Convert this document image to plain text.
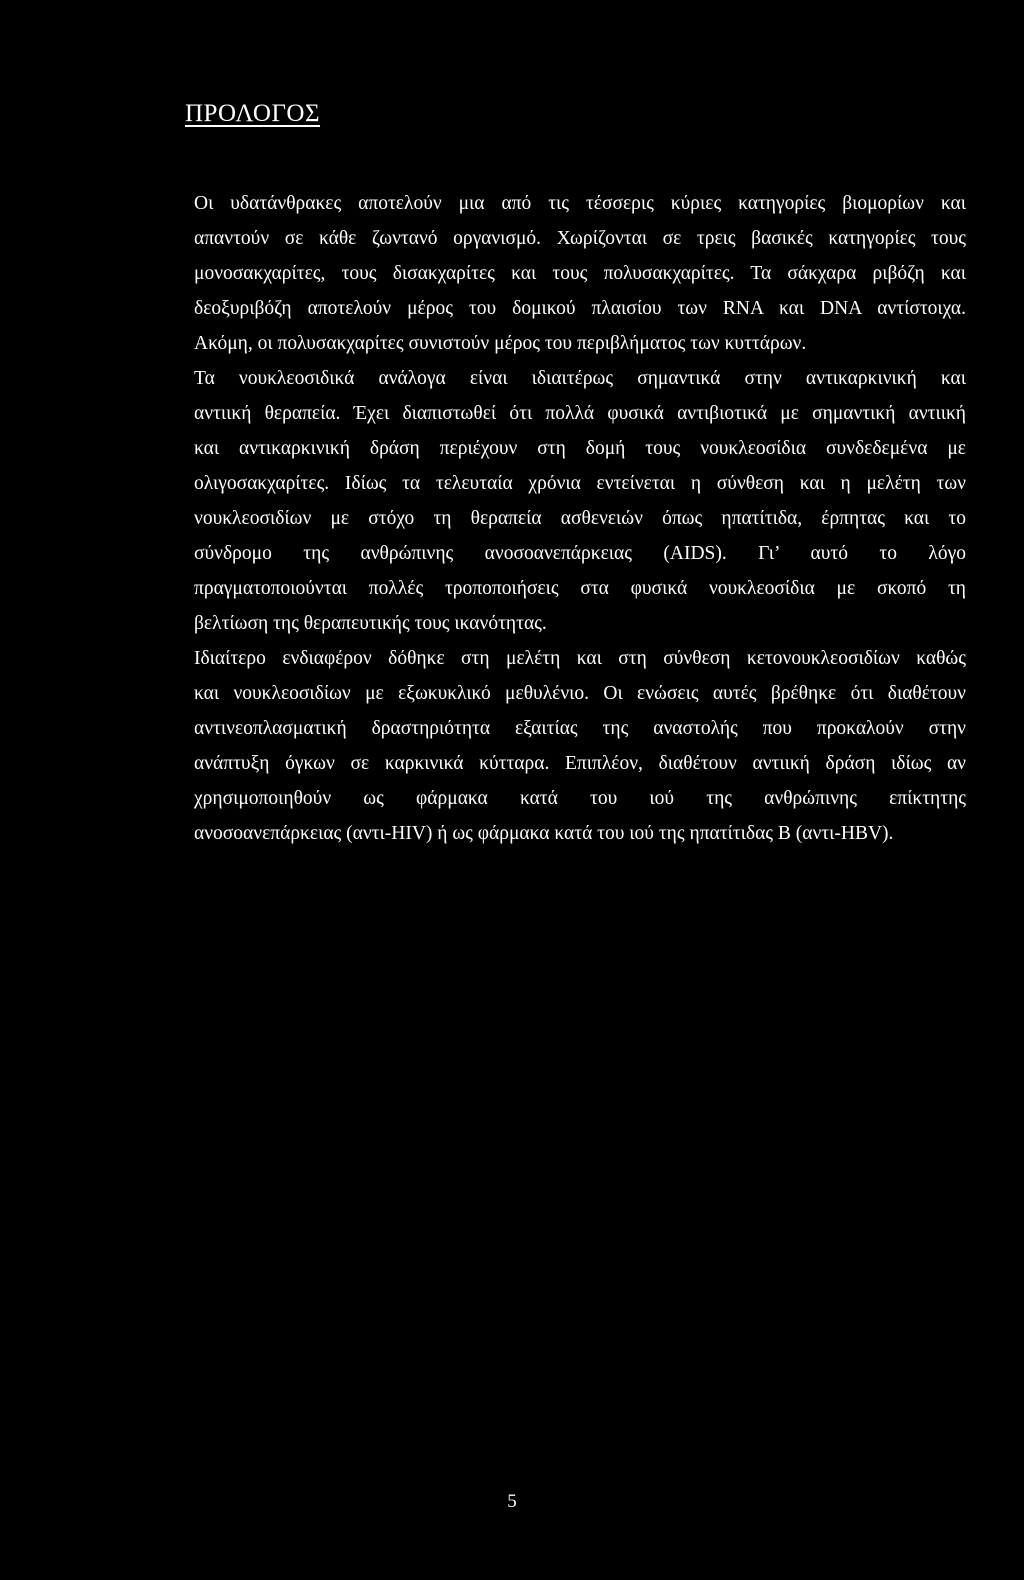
ΠΡΟΛΟΓΟΣ

Οι υδατάνθρακες αποτελούν μια από τις τέσσερις κύριες κατηγορίες βιομορίων και
απαντούν σε κάθε ζωντανό οργανισμό. Χωρίζονται σε τρεις βασικές κατηγορίες τους
μονοσακχαρίτες, τους δισακχαρίτες και τους πολυσακχαρίτες. Τα σάκχαρα ριβόζη και
δεοξυριβόζη αποτελούν μέρος του δομικού πλαισίου των RNA και DNA αντίστοιχα.
Ακόμη, οι πολυσακχαρίτες συνιστούν μέρος του περιβλήματος των κυττάρων.

Τα νουκλεοσιδικά ανάλογα είναι ιδιαιτέρως σημαντικά στην αντικαρκινική και
αντιική θεραπεία. Έχει διαπιστωθεί ότι πολλά φυσικά αντιβιοτικά με σημαντική αντιική
και αντικαρκινική δράση περιέχουν στη δομή τους νουκλεοσίδια συνδεδεμένα με
ολιγοσακχαρίτες. Ιδίως τα τελευταία χρόνια εντείνεται η σύνθεση και η μελέτη των
νουκλεοσιδίων με στόχο τη θεραπεία ασθενειών όπως ηπατίτιδα, έρπητας και το
σύνδρομο της ανθρώπινης ανοσοανεπάρκειας (AIDS). Γι’ αυτό το λόγο
πραγματοποιούνται πολλές τροποποιήσεις στα φυσικά νουκλεοσίδια με σκοπό τη
βελτίωση της θεραπευτικής τους ικανότητας.

Ιδιαίτερο ενδιαφέρον δόθηκε στη μελέτη και στη σύνθεση κετονουκλεοσιδίων καθώς
και νουκλεοσιδίων με εξωκυκλικό μεθυλένιο. Οι ενώσεις αυτές βρέθηκε ότι διαθέτουν
αντινεοπλασματική δραστηριότητα εξαιτίας της αναστολής που προκαλούν στην
ανάπτυξη όγκων σε καρκινικά κύτταρα. Επιπλέον, διαθέτουν αντιική δράση ιδίως αν
χρησιμοποιηθούν ως φάρμακα κατά του ιού της ανθρώπινης επίκτητης
ανοσοανεπάρκειας (αντι-HIV) ή ως φάρμακα κατά του ιού της ηπατίτιδας Β (αντι-HBV).

5
